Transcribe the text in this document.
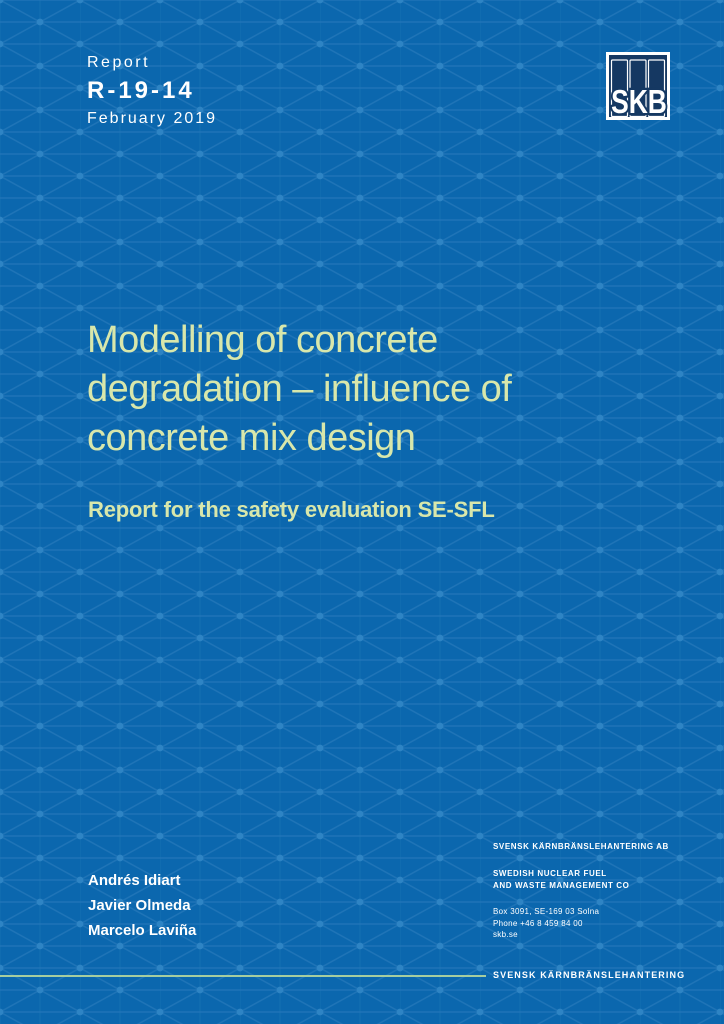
Report
R-19-14
February 2019	SKB
Modelling of concrete
degradation – influence of
concrete mix design
Report for the safety evaluation SE-SFL
Andrés Idiart
Javier Olmeda
Marcelo Laviña
SVENSK KÄRNBRÄNSLEHANTERING AB
SWEDISH NUCLEAR FUEL
AND WASTE MANAGEMENT CO
Box 3091, SE-169 03 Solna
Phone +46 8 459 84 00
skb.se
SVENSK KÄRNBRÄNSLEHANTERING
